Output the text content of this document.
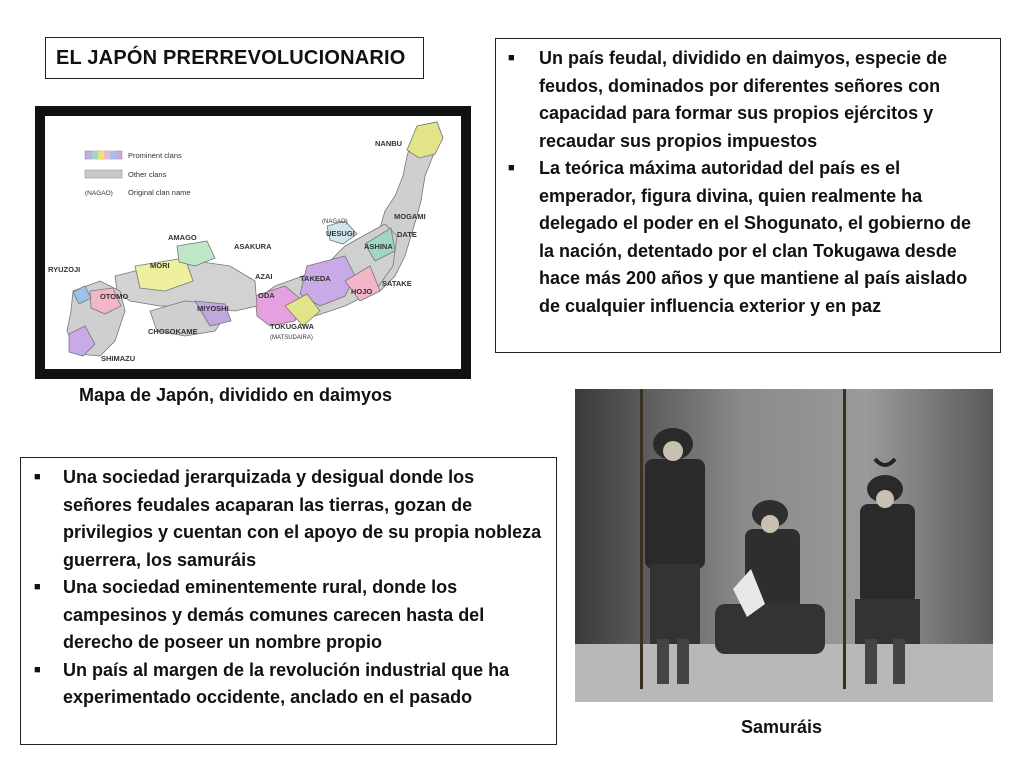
EL JAPÓN PRERREVOLUCIONARIO
■	Un país feudal, dividido en daimyos, especie de feudos, dominados por diferentes señores con capacidad para formar sus propios ejércitos y recaudar sus propios impuestos
■ La teórica máxima autoridad del país es el emperador, figura divina, quien realmente ha delegado el poder en el Shogunato, el gobierno de la nación, detentado por el clan Tokugawa desde hace más 200 años y que mantiene al país aislado de cualquier influencia exterior y en paz
Prominent clans
Other clans
(NAGAO) Original clan name
NANBU
(NAGAO)
UESUGI
MOGAMI
DATE
ASHINA
AMAGO
ASAKURA
RYUZOJI	MORI
AZAI	TAKEDA
HOJO
SATAKE
OTOMO	ODA
MIYOSHI
CHOSOKAME
TOKUGAWA
(MATSUDAIRA)
SHIMAZU
Mapa de Japón, dividido en daimyos
■ Una sociedad jerarquizada y desigual donde los señores feudales acaparan las tierras, gozan de privilegios y cuentan con el apoyo de su propia nobleza guerrera, los samuráis
■ Una sociedad eminentemente rural, donde los campesinos y demás comunes carecen hasta del derecho de poseer un nombre propio
■ Un país al margen de la revolución industrial que ha experimentado occidente, anclado en el pasado
Samuráis
